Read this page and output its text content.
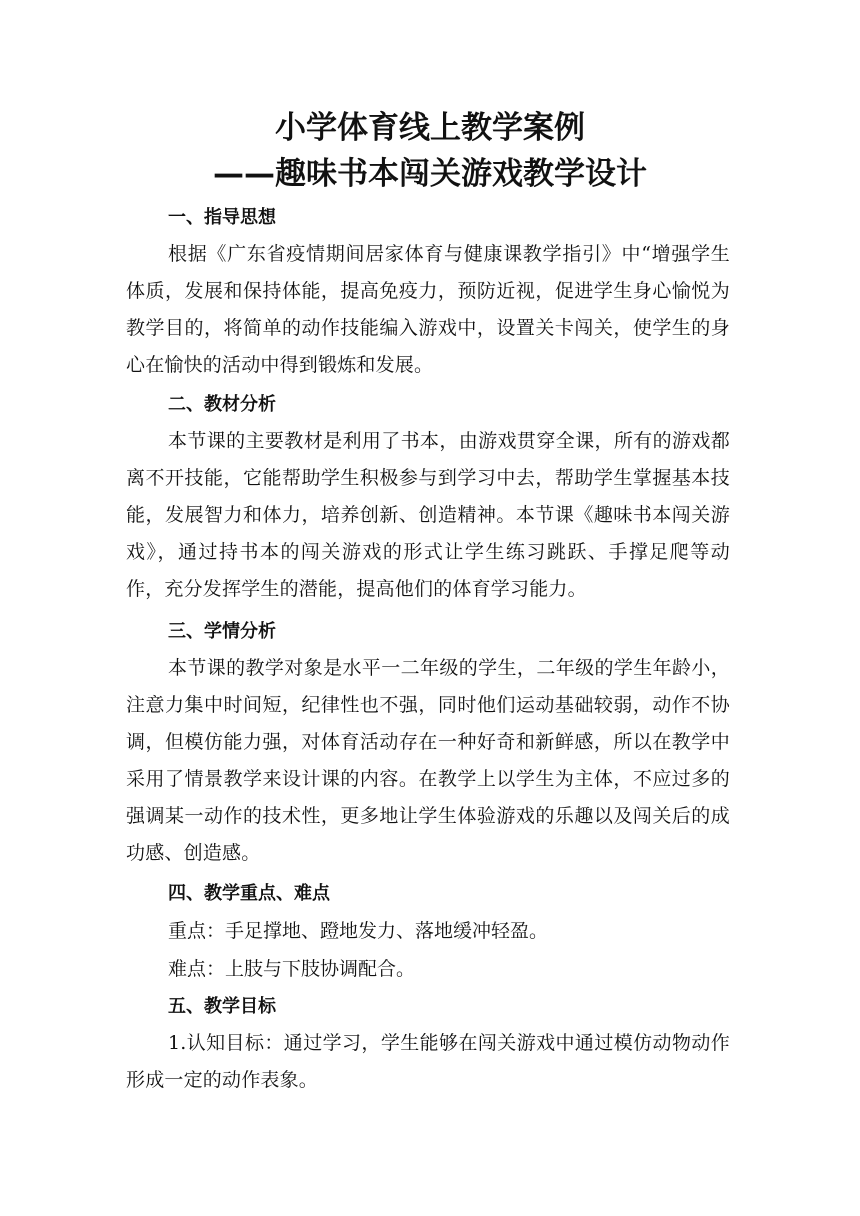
小学体育线上教学案例
——趣味书本闯关游戏教学设计
一、指导思想

根据《广东省疫情期间居家体育与健康课教学指引》中“增强学生体质，发展和保持体能，提高免疫力，预防近视，促进学生身心愉悦为教学目的，将简单的动作技能编入游戏中，设置关卡闯关，使学生的身心在愉快的活动中得到锻炼和发展。

二、教材分析

本节课的主要教材是利用了书本，由游戏贯穿全课，所有的游戏都离不开技能，它能帮助学生积极参与到学习中去，帮助学生掌握基本技能，发展智力和体力，培养创新、创造精神。本节课《趣味书本闯关游戏》，通过持书本的闯关游戏的形式让学生练习跳跃、手撑足爬等动作，充分发挥学生的潜能，提高他们的体育学习能力。

三、学情分析

本节课的教学对象是水平一二年级的学生，二年级的学生年龄小，注意力集中时间短，纪律性也不强，同时他们运动基础较弱，动作不协调，但模仿能力强，对体育活动存在一种好奇和新鲜感，所以在教学中采用了情景教学来设计课的内容。在教学上以学生为主体，不应过多的强调某一动作的技术性，更多地让学生体验游戏的乐趣以及闯关后的成功感、创造感。

四、教学重点、难点

重点：手足撑地、蹬地发力、落地缓冲轻盈。

难点：上肢与下肢协调配合。

五、教学目标

1.认知目标：通过学习，学生能够在闯关游戏中通过模仿动物动作形成一定的动作表象。
